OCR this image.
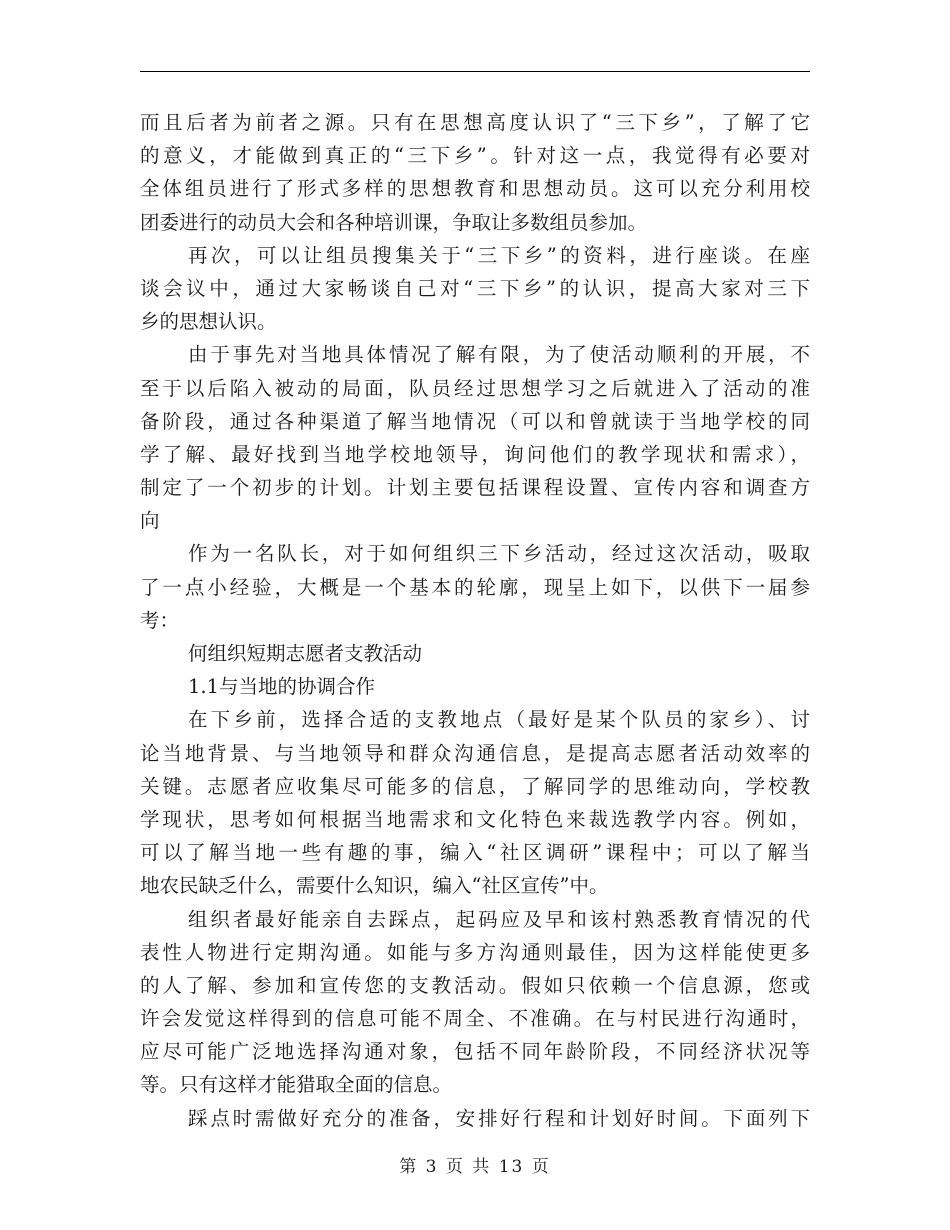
而且后者为前者之源。只有在思想高度认识了“三下乡”，了解了它
的意义，才能做到真正的“三下乡”。针对这一点，我觉得有必要对
全体组员进行了形式多样的思想教育和思想动员。这可以充分利用校
团委进行的动员大会和各种培训课，争取让多数组员参加。
再次，可以让组员搜集关于“三下乡”的资料，进行座谈。在座
谈会议中，通过大家畅谈自己对“三下乡”的认识，提高大家对三下
乡的思想认识。
由于事先对当地具体情况了解有限，为了使活动顺利的开展，不
至于以后陷入被动的局面，队员经过思想学习之后就进入了活动的准
备阶段，通过各种渠道了解当地情况（可以和曾就读于当地学校的同
学了解、最好找到当地学校地领导，询问他们的教学现状和需求），
制定了一个初步的计划。计划主要包括课程设置、宣传内容和调查方
向
作为一名队长，对于如何组织三下乡活动，经过这次活动，吸取
了一点小经验，大概是一个基本的轮廓，现呈上如下，以供下一届参
考：
何组织短期志愿者支教活动
1.1与当地的协调合作
在下乡前，选择合适的支教地点（最好是某个队员的家乡）、讨
论当地背景、与当地领导和群众沟通信息，是提高志愿者活动效率的
关键。志愿者应收集尽可能多的信息，了解同学的思维动向，学校教
学现状，思考如何根据当地需求和文化特色来裁选教学内容。例如，
可以了解当地一些有趣的事，编入“社区调研”课程中；可以了解当
地农民缺乏什么，需要什么知识，编入“社区宣传”中。
组织者最好能亲自去踩点，起码应及早和该村熟悉教育情况的代
表性人物进行定期沟通。如能与多方沟通则最佳，因为这样能使更多
的人了解、参加和宣传您的支教活动。假如只依赖一个信息源，您或
许会发觉这样得到的信息可能不周全、不准确。在与村民进行沟通时，
应尽可能广泛地选择沟通对象，包括不同年龄阶段，不同经济状况等
等。只有这样才能猎取全面的信息。
踩点时需做好充分的准备，安排好行程和计划好时间。下面列下
第 3 页 共 13 页
